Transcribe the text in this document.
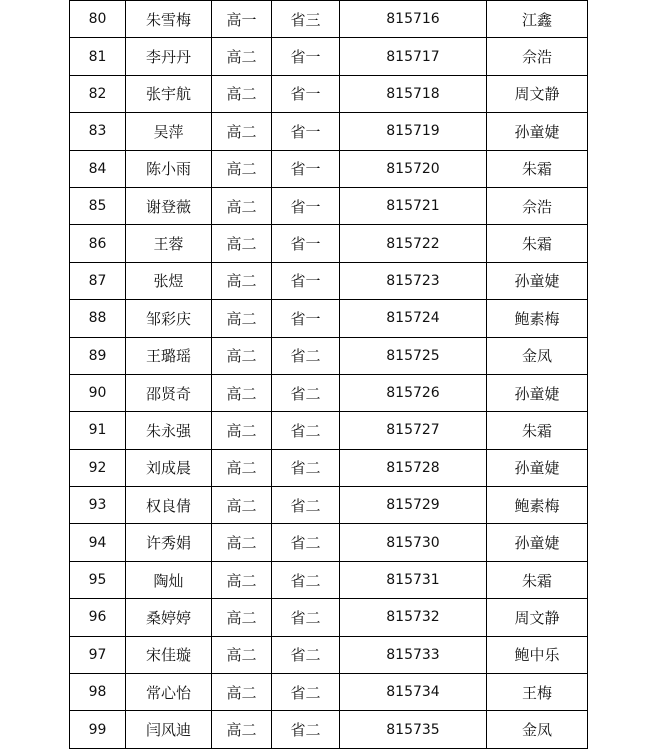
80	朱雪梅	高一	省三	815716	江鑫
81	李丹丹	高二	省一	815717	佘浩
82	张宇航	高二	省一	815718	周文静
83	吴萍	高二	省一	815719	孙童婕
84	陈小雨	高二	省一	815720	朱霜
85	谢登薇	高二	省一	815721	佘浩
86	王蓉	高二	省一	815722	朱霜
87	张煜	高二	省一	815723	孙童婕
88	邹彩庆	高二	省一	815724	鲍素梅
89	王璐瑶	高二	省二	815725	金凤
90	邵贤奇	高二	省二	815726	孙童婕
91	朱永强	高二	省二	815727	朱霜
92	刘成晨	高二	省二	815728	孙童婕
93	权良倩	高二	省二	815729	鲍素梅
94	许秀娟	高二	省二	815730	孙童婕
95	陶灿	高二	省二	815731	朱霜
96	桑婷婷	高二	省二	815732	周文静
97	宋佳璇	高二	省二	815733	鲍中乐
98	常心怡	高二	省二	815734	王梅
99	闫风迪	高二	省二	815735	金凤
